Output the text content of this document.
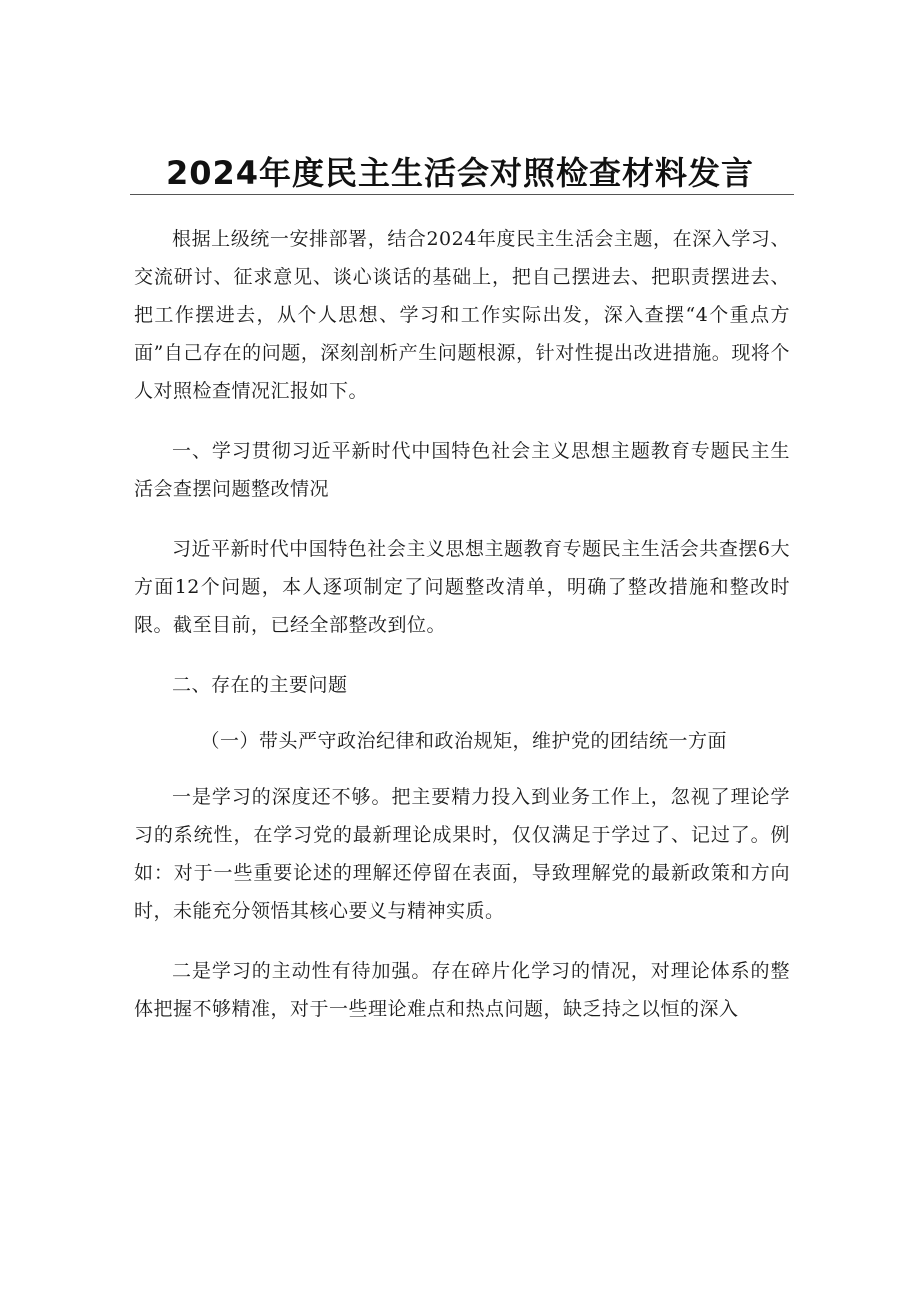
2024年度民主生活会对照检查材料发言

根据上级统一安排部署，结合2024年度民主生活会主题，在深入学习、交流研讨、征求意见、谈心谈话的基础上，把自己摆进去、把职责摆进去、把工作摆进去，从个人思想、学习和工作实际出发，深入查摆“4个重点方面”自己存在的问题，深刻剖析产生问题根源，针对性提出改进措施。现将个人对照检查情况汇报如下。

一、学习贯彻习近平新时代中国特色社会主义思想主题教育专题民主生活会查摆问题整改情况

习近平新时代中国特色社会主义思想主题教育专题民主生活会共查摆6大方面12个问题，本人逐项制定了问题整改清单，明确了整改措施和整改时限。截至目前，已经全部整改到位。

二、存在的主要问题

（一）带头严守政治纪律和政治规矩，维护党的团结统一方面

一是学习的深度还不够。把主要精力投入到业务工作上，忽视了理论学习的系统性，在学习党的最新理论成果时，仅仅满足于学过了、记过了。例如：对于一些重要论述的理解还停留在表面，导致理解党的最新政策和方向时，未能充分领悟其核心要义与精神实质。

二是学习的主动性有待加强。存在碎片化学习的情况，对理论体系的整体把握不够精准，对于一些理论难点和热点问题，缺乏持之以恒的深入
